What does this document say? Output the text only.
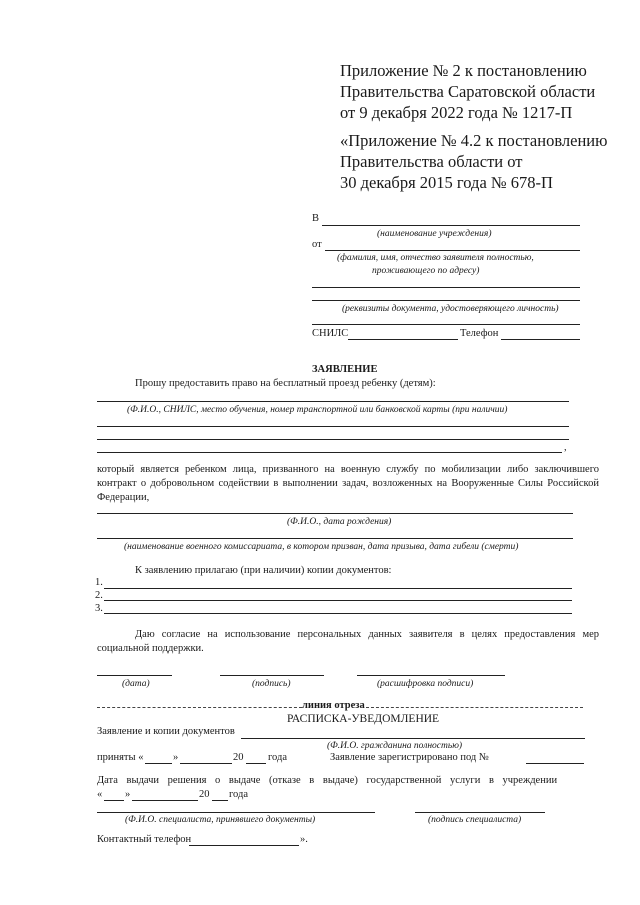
Приложение № 2 к постановлению
Правительства Саратовской области
от 9 декабря 2022 года № 1217-П
«Приложение № 4.2 к постановлению
Правительства области от
30 декабря 2015 года № 678-П
В
(наименование учреждения)
от
(фамилия, имя, отчество заявителя полностью,
проживающего по адресу)
(реквизиты документа, удостоверяющего личность)
СНИЛС	Телефон
ЗАЯВЛЕНИЕ
Прошу предоставить право на бесплатный проезд ребенку (детям):
(Ф.И.О., СНИЛС, место обучения, номер транспортной или банковской карты (при наличии)
,
который является ребенком лица, призванного на военную службу по мобилизации либо заключившего контракт о добровольном содействии в выполнении задач, возложенных на Вооруженные Силы Российской Федерации,
(Ф.И.О., дата рождения)
(наименование военного комиссариата, в котором призван, дата призыва, дата гибели (смерти)
К заявлению прилагаю (при наличии) копии документов:
1.
2.
3.
Даю согласие на использование персональных данных заявителя в целях предоставления мер социальной поддержки.
(дата)	(подпись)	(расшифровка подписи)
линия отреза
РАСПИСКА-УВЕДОМЛЕНИЕ
Заявление и копии документов
(Ф.И.О. гражданина полностью)
приняты «	»	20 года	Заявление зарегистрировано под №
Дата выдачи решения о выдаче (отказе в выдаче) государственной услуги в учреждении
« »	20 года
(Ф.И.О. специалиста, принявшего документы)	(подпись специалиста)
Контактный телефон	».
